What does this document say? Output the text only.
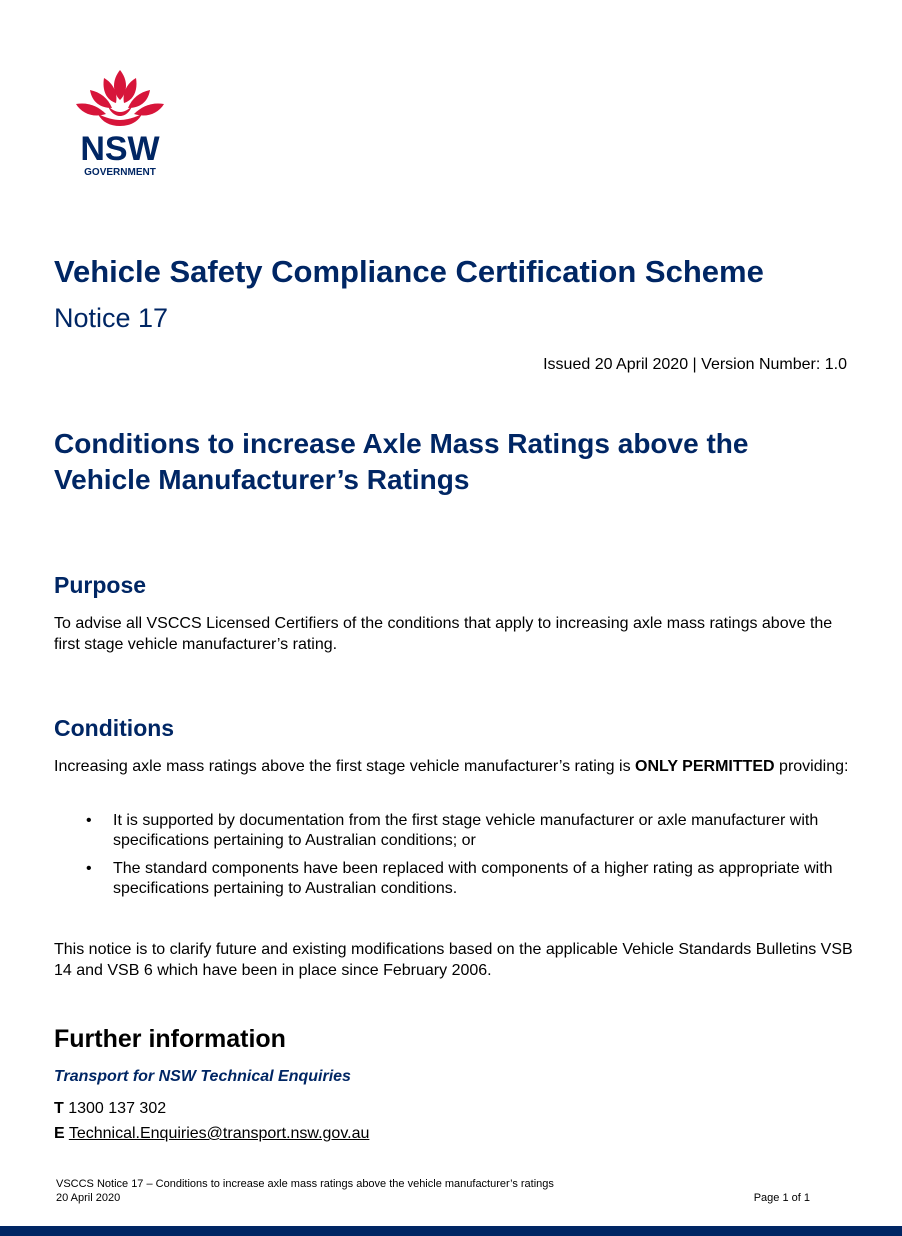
NSW
GOVERNMENT
Vehicle Safety Compliance Certification Scheme
Notice 17
Issued 20 April 2020 | Version Number: 1.0
Conditions to increase Axle Mass Ratings above the
Vehicle Manufacturer’s Ratings
Purpose

To advise all VSCCS Licensed Certifiers of the conditions that apply to increasing axle mass ratings above the first stage vehicle manufacturer’s rating.

Conditions

Increasing axle mass ratings above the first stage vehicle manufacturer’s rating is ONLY PERMITTED providing:

• It is supported by documentation from the first stage vehicle manufacturer or axle manufacturer with specifications pertaining to Australian conditions; or
• The standard components have been replaced with components of a higher rating as appropriate with specifications pertaining to Australian conditions.

This notice is to clarify future and existing modifications based on the applicable Vehicle Standards Bulletins VSB 14 and VSB 6 which have been in place since February 2006.

Further information
Transport for NSW Technical Enquiries
T 1300 137 302
E Technical.Enquiries@transport.nsw.gov.au
VSCCS Notice 17 – Conditions to increase axle mass ratings above the vehicle manufacturer’s ratings
20 April 2020	Page 1 of 1
